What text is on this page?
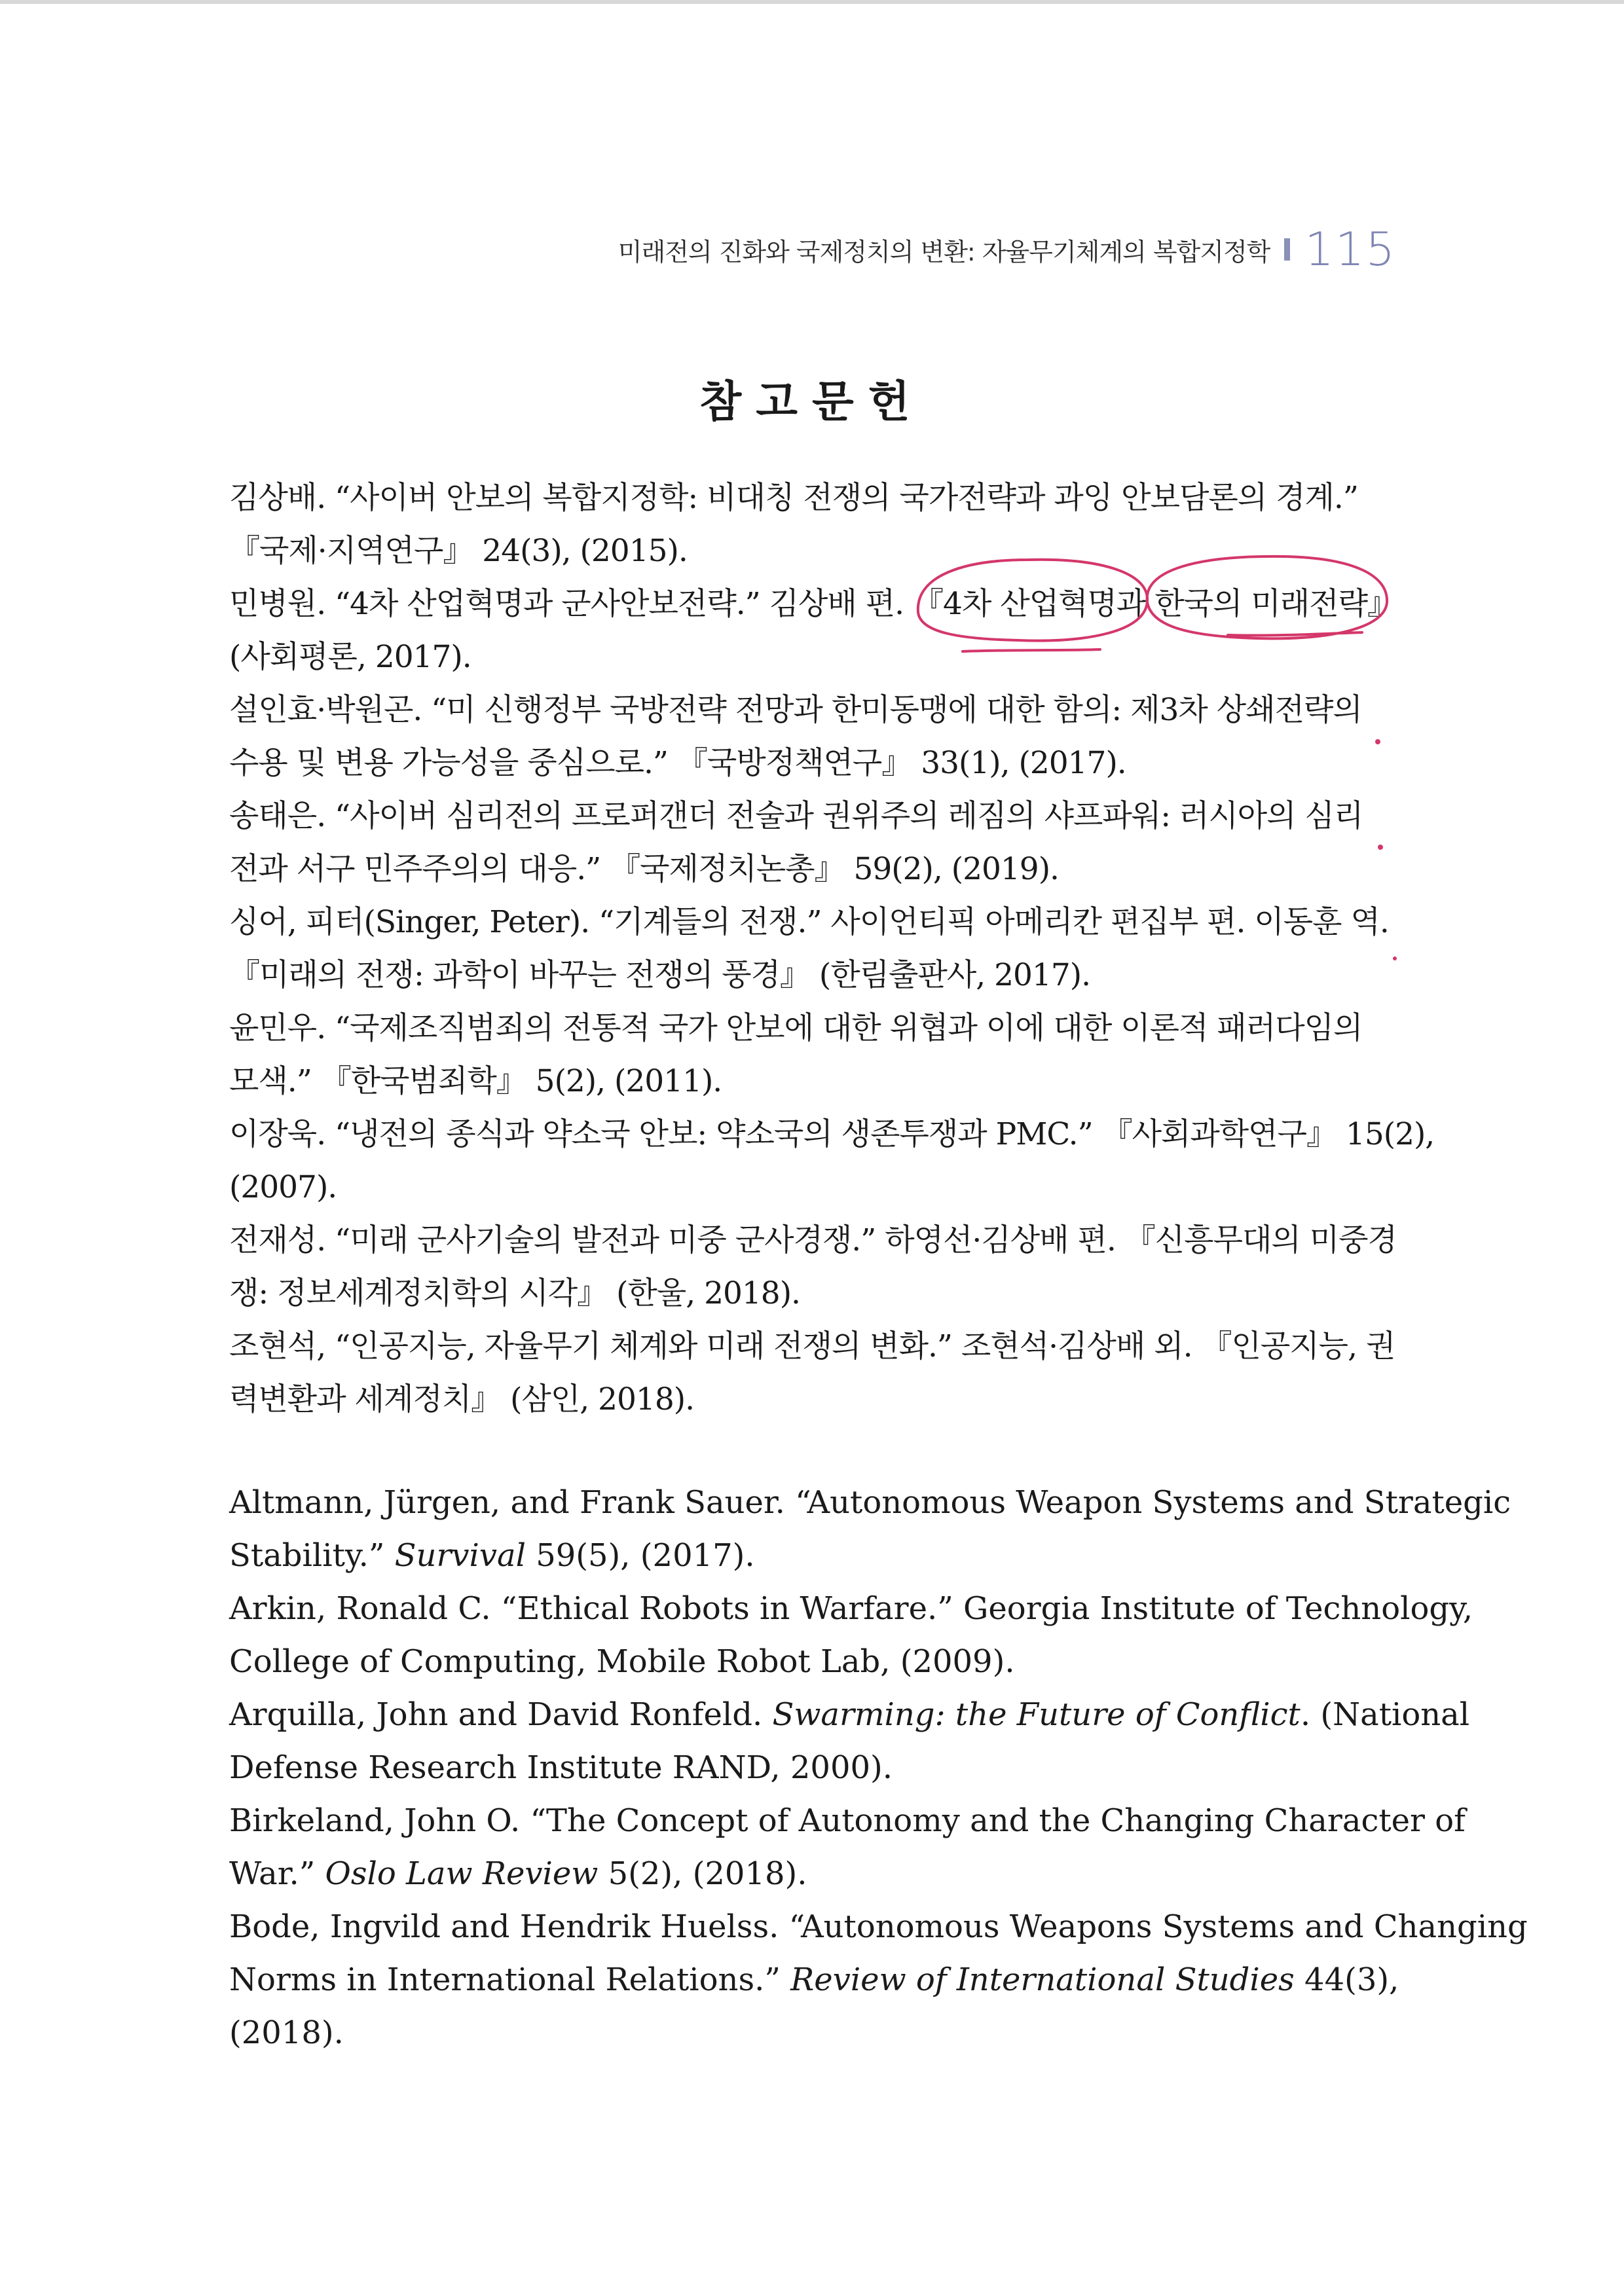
미래전의 진화와 국제정치의 변환: 자율무기체계의 복합지정학 115
참고문헌
김상배. “사이버 안보의 복합지정학: 비대칭 전쟁의 국가전략과 과잉 안보담론의 경계.”
『국제·지역연구』 24(3), (2015).
민병원. “4차 산업혁명과 군사안보전략.” 김상배 편. 『4차 산업혁명과 한국의 미래전략』
(사회평론, 2017).
설인효·박원곤. “미 신행정부 국방전략 전망과 한미동맹에 대한 함의: 제3차 상쇄전략의
수용 및 변용 가능성을 중심으로.” 『국방정책연구』 33(1), (2017).
송태은. “사이버 심리전의 프로퍼갠더 전술과 권위주의 레짐의 샤프파워: 러시아의 심리
전과 서구 민주주의의 대응.” 『국제정치논총』 59(2), (2019).
싱어, 피터(Singer, Peter). “기계들의 전쟁.” 사이언티픽 아메리칸 편집부 편. 이동훈 역.
『미래의 전쟁: 과학이 바꾸는 전쟁의 풍경』 (한림출판사, 2017).
윤민우. “국제조직범죄의 전통적 국가 안보에 대한 위협과 이에 대한 이론적 패러다임의
모색.” 『한국범죄학』 5(2), (2011).
이장욱. “냉전의 종식과 약소국 안보: 약소국의 생존투쟁과 PMC.” 『사회과학연구』 15(2),
(2007).
전재성. “미래 군사기술의 발전과 미중 군사경쟁.” 하영선·김상배 편. 『신흥무대의 미중경
쟁: 정보세계정치학의 시각』 (한울, 2018).
조현석, “인공지능, 자율무기 체계와 미래 전쟁의 변화.” 조현석·김상배 외. 『인공지능, 권
력변환과 세계정치』 (삼인, 2018).
Altmann, Jürgen, and Frank Sauer. “Autonomous Weapon Systems and Strategic
Stability.” Survival 59(5), (2017).
Arkin, Ronald C. “Ethical Robots in Warfare.” Georgia Institute of Technology,
College of Computing, Mobile Robot Lab, (2009).
Arquilla, John and David Ronfeld. Swarming: the Future of Conflict. (National
Defense Research Institute RAND, 2000).
Birkeland, John O. “The Concept of Autonomy and the Changing Character of
War.” Oslo Law Review 5(2), (2018).
Bode, Ingvild and Hendrik Huelss. “Autonomous Weapons Systems and Changing
Norms in International Relations.” Review of International Studies 44(3),
(2018).
